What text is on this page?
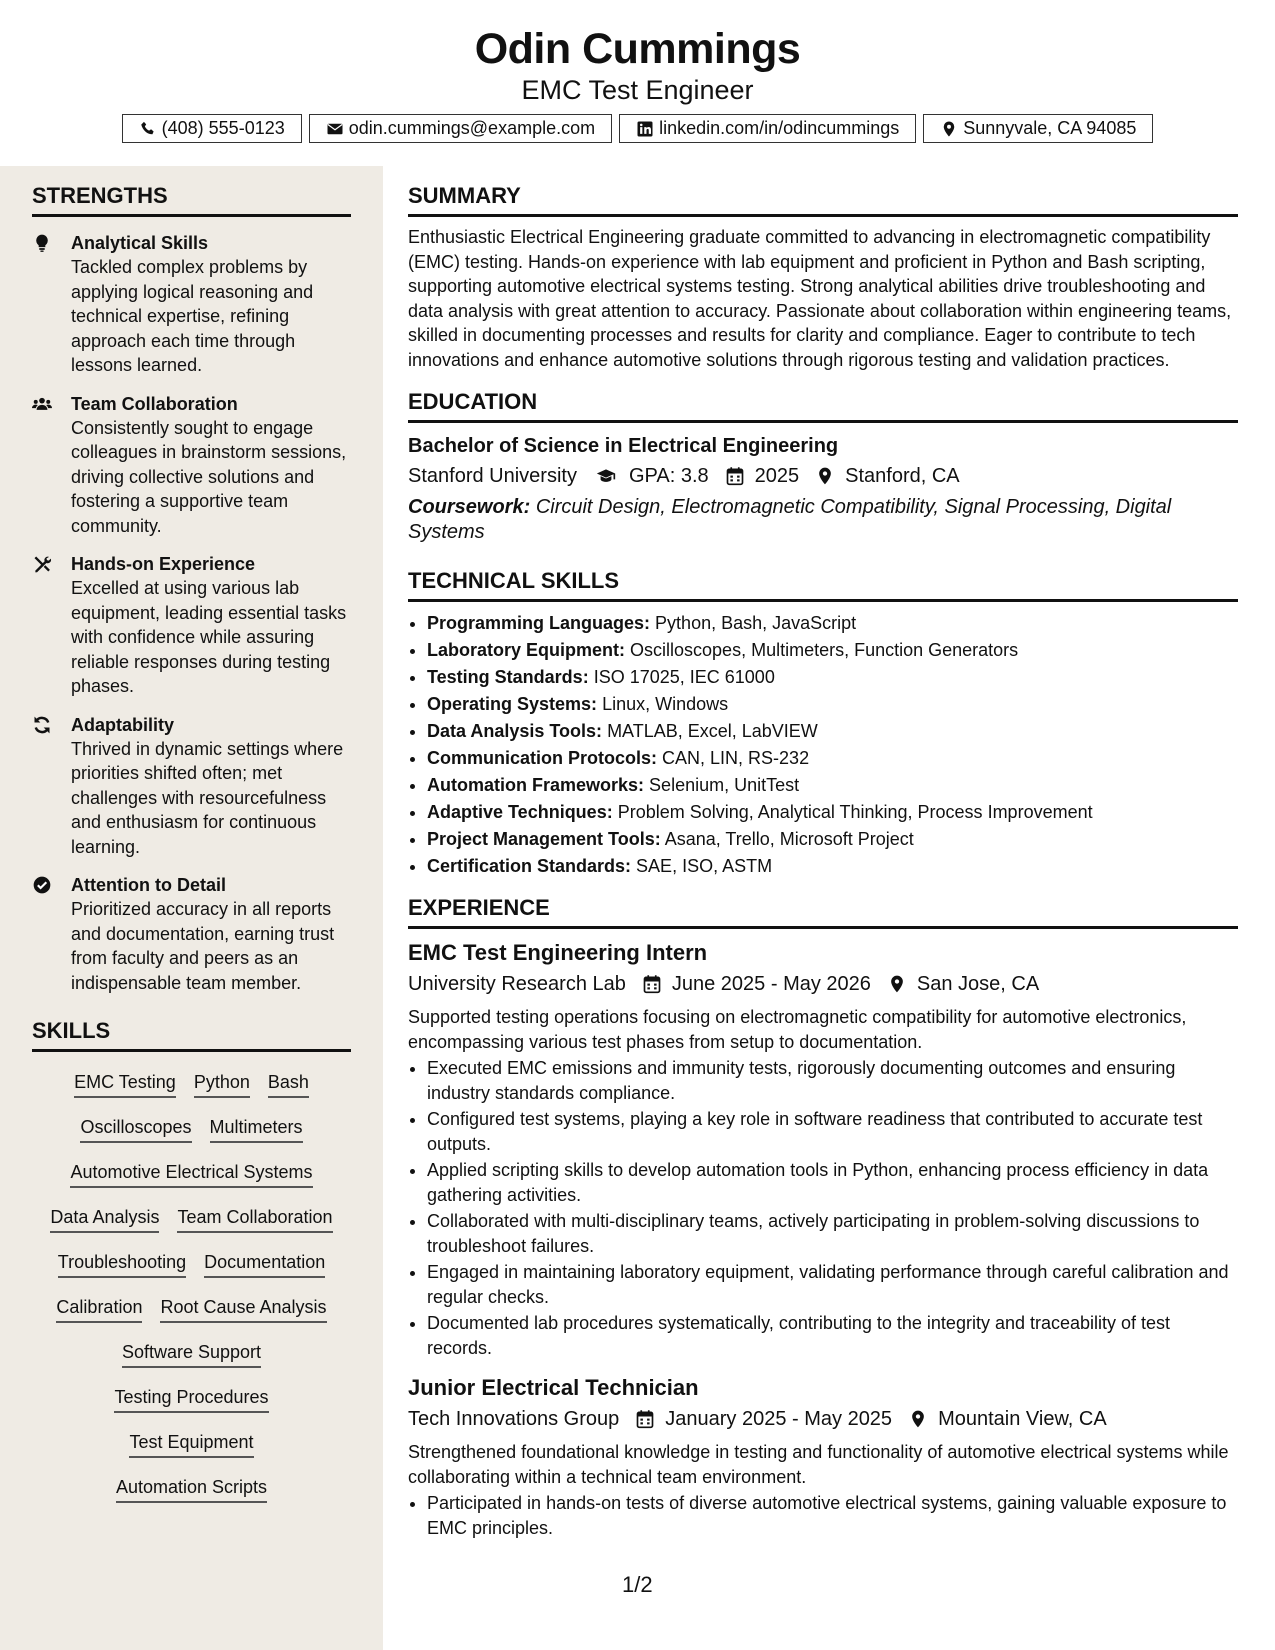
Odin Cummings
EMC Test Engineer
(408) 555-0123	odin.cummings@example.com	linkedin.com/in/odincummings	Sunnyvale, CA 94085
STRENGTHS
Analytical Skills
Tackled complex problems by applying logical reasoning and technical expertise, refining approach each time through lessons learned.
Team Collaboration
Consistently sought to engage colleagues in brainstorm sessions, driving collective solutions and fostering a supportive team community.
Hands-on Experience
Excelled at using various lab equipment, leading essential tasks with confidence while assuring reliable responses during testing phases.
Adaptability
Thrived in dynamic settings where priorities shifted often; met challenges with resourcefulness and enthusiasm for continuous learning.
Attention to Detail
Prioritized accuracy in all reports and documentation, earning trust from faculty and peers as an indispensable team member.
SKILLS
EMC Testing Python Bash
Oscilloscopes Multimeters
Automotive Electrical Systems
Data Analysis Team Collaboration
Troubleshooting Documentation
Calibration Root Cause Analysis
Software Support
Testing Procedures
Test Equipment
Automation Scripts
SUMMARY
Enthusiastic Electrical Engineering graduate committed to advancing in electromagnetic compatibility (EMC) testing. Hands-on experience with lab equipment and proficient in Python and Bash scripting, supporting automotive electrical systems testing. Strong analytical abilities drive troubleshooting and data analysis with great attention to accuracy. Passionate about collaboration within engineering teams, skilled in documenting processes and results for clarity and compliance. Eager to contribute to tech innovations and enhance automotive solutions through rigorous testing and validation practices.
EDUCATION
Bachelor of Science in Electrical Engineering
Stanford University	GPA: 3.8 2025 Stanford, CA
Coursework: Circuit Design, Electromagnetic Compatibility, Signal Processing, Digital Systems
TECHNICAL SKILLS
• Programming Languages: Python, Bash, JavaScript
• Laboratory Equipment: Oscilloscopes, Multimeters, Function Generators
• Testing Standards: ISO 17025, IEC 61000
• Operating Systems: Linux, Windows
• Data Analysis Tools: MATLAB, Excel, LabVIEW
• Communication Protocols: CAN, LIN, RS-232
• Automation Frameworks: Selenium, UnitTest
• Adaptive Techniques: Problem Solving, Analytical Thinking, Process Improvement
• Project Management Tools: Asana, Trello, Microsoft Project
• Certification Standards: SAE, ISO, ASTM
EXPERIENCE
EMC Test Engineering Intern
University Research Lab June 2025 - May 2026 San Jose, CA
Supported testing operations focusing on electromagnetic compatibility for automotive electronics, encompassing various test phases from setup to documentation.
• Executed EMC emissions and immunity tests, rigorously documenting outcomes and ensuring industry standards compliance.
• Configured test systems, playing a key role in software readiness that contributed to accurate test outputs.
• Applied scripting skills to develop automation tools in Python, enhancing process efficiency in data gathering activities.
• Collaborated with multi-disciplinary teams, actively participating in problem-solving discussions to troubleshoot failures.
• Engaged in maintaining laboratory equipment, validating performance through careful calibration and regular checks.
• Documented lab procedures systematically, contributing to the integrity and traceability of test records.
Junior Electrical Technician
Tech Innovations Group January 2025 - May 2025 Mountain View, CA
Strengthened foundational knowledge in testing and functionality of automotive electrical systems while collaborating within a technical team environment.
• Participated in hands-on tests of diverse automotive electrical systems, gaining valuable exposure to EMC principles.
1/2
